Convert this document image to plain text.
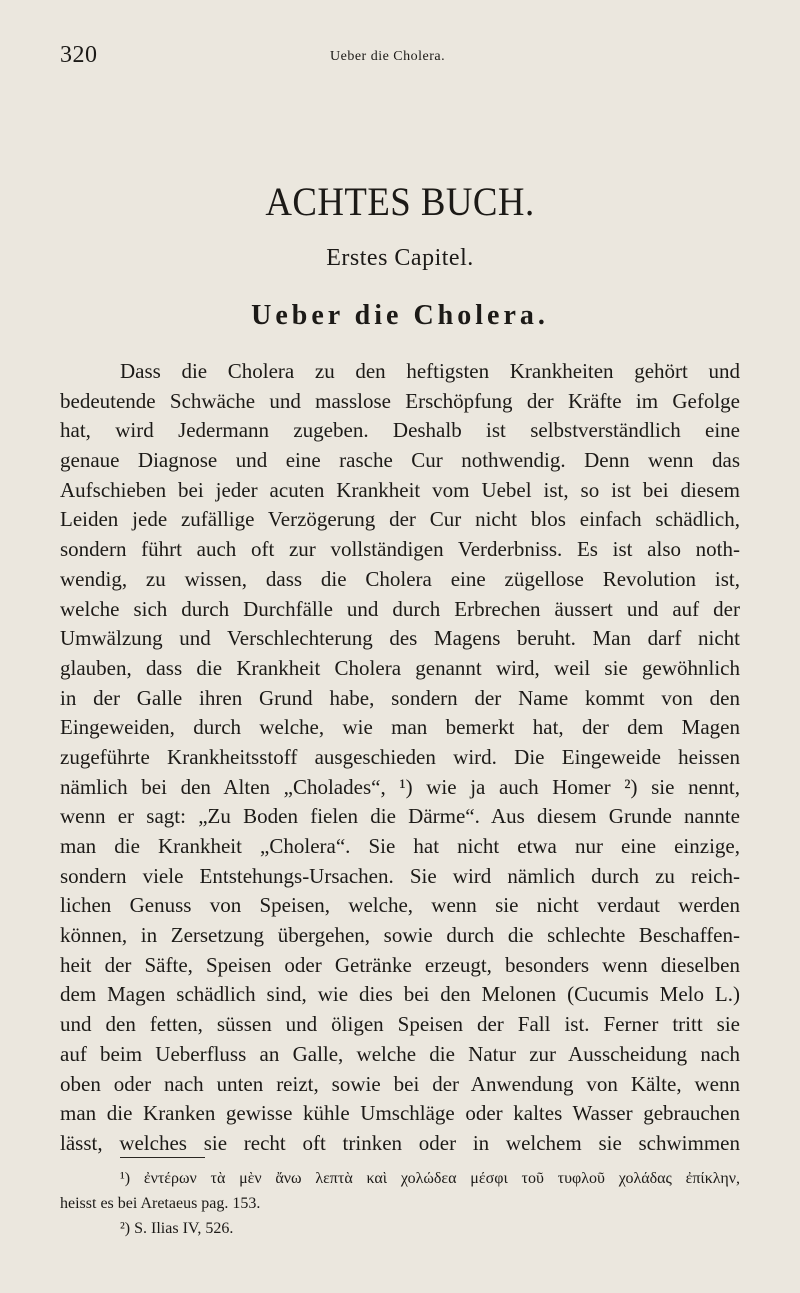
320	Ueber die Cholera.
ACHTES BUCH.
Erstes Capitel.
Ueber die Cholera.
Dass die Cholera zu den heftigsten Krankheiten gehört und
bedeutende Schwäche und masslose Erschöpfung der Kräfte im Gefolge
hat, wird Jedermann zugeben. Deshalb ist selbstverständlich eine
genaue Diagnose und eine rasche Cur nothwendig. Denn wenn das
Aufschieben bei jeder acuten Krankheit vom Uebel ist, so ist bei diesem
Leiden jede zufällige Verzögerung der Cur nicht blos einfach schädlich,
sondern führt auch oft zur vollständigen Verderbniss. Es ist also noth-
wendig, zu wissen, dass die Cholera eine zügellose Revolution ist,
welche sich durch Durchfälle und durch Erbrechen äussert und auf der
Umwälzung und Verschlechterung des Magens beruht. Man darf nicht
glauben, dass die Krankheit Cholera genannt wird, weil sie gewöhnlich
in der Galle ihren Grund habe, sondern der Name kommt von den
Eingeweiden, durch welche, wie man bemerkt hat, der dem Magen
zugeführte Krankheitsstoff ausgeschieden wird. Die Eingeweide heissen
nämlich bei den Alten „Cholades“, ¹) wie ja auch Homer ²) sie nennt,
wenn er sagt: „Zu Boden fielen die Därme“. Aus diesem Grunde nannte
man die Krankheit „Cholera“. Sie hat nicht etwa nur eine einzige,
sondern viele Entstehungs-Ursachen. Sie wird nämlich durch zu reich-
lichen Genuss von Speisen, welche, wenn sie nicht verdaut werden
können, in Zersetzung übergehen, sowie durch die schlechte Beschaffen-
heit der Säfte, Speisen oder Getränke erzeugt, besonders wenn dieselben
dem Magen schädlich sind, wie dies bei den Melonen (Cucumis Melo L.)
und den fetten, süssen und öligen Speisen der Fall ist. Ferner tritt sie
auf beim Ueberfluss an Galle, welche die Natur zur Ausscheidung nach
oben oder nach unten reizt, sowie bei der Anwendung von Kälte, wenn
man die Kranken gewisse kühle Umschläge oder kaltes Wasser gebrauchen
lässt, welches sie recht oft trinken oder in welchem sie schwimmen
¹) ἐντέρων τὰ μὲν ἄνω λεπτὰ καὶ χολώδεα μέσφι τοῦ τυφλοῦ χολάδας ἐπίκλην,
heisst es bei Aretaeus pag. 153.
²) S. Ilias IV, 526.
